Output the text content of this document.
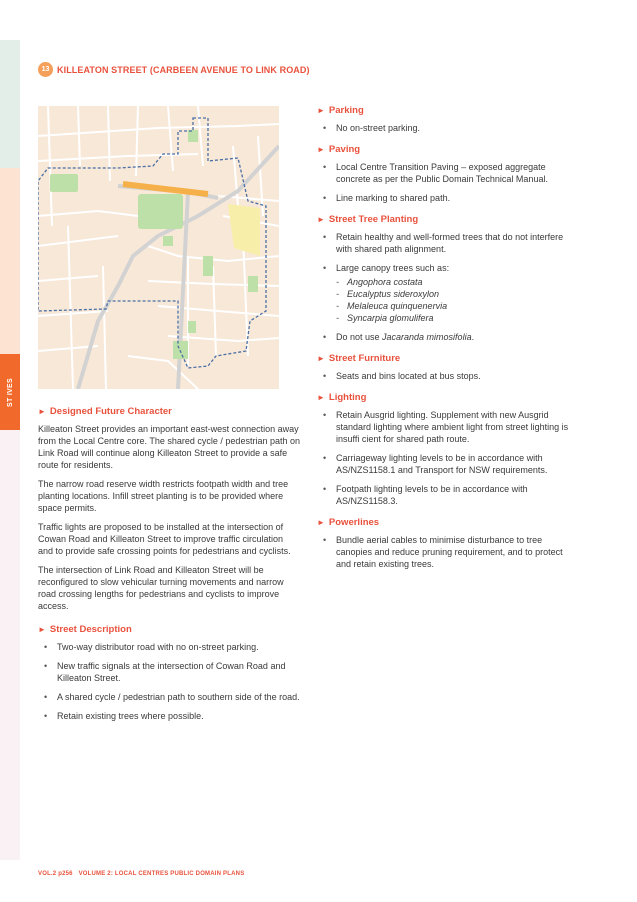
ST IVES
13 KILLEATON STREET (CARBEEN AVENUE TO LINK ROAD)
► Designed Future Character

Killeaton Street provides an important east-west connection away from the Local Centre core. The shared cycle / pedestrian path on Link Road will continue along Killeaton Street to provide a safe route for residents.

The narrow road reserve width restricts footpath width and tree planting locations. Infill street planting is to be provided where space permits.

Traffic lights are proposed to be installed at the intersection of Cowan Road and Killeaton Street to improve traffic circulation and to provide safe crossing points for pedestrians and cyclists.

The intersection of Link Road and Killeaton Street will be reconfigured to slow vehicular turning movements and narrow road crossing lengths for pedestrians and cyclists to improve access.

► Street Description
• Two-way distributor road with no on-street parking.
• New traffic signals at the intersection of Cowan Road and Killeaton Street.
• A shared cycle / pedestrian path to southern side of the road.
• Retain existing trees where possible.
► Parking
• No on-street parking.
► Paving
• Local Centre Transition Paving – exposed aggregate concrete as per the Public Domain Technical Manual.
• Line marking to shared path.
► Street Tree Planting
• Retain healthy and well-formed trees that do not interfere with shared path alignment.
• Large canopy trees such as:
- Angophora costata
- Eucalyptus sideroxylon
- Melaleuca quinquenervia
- Syncarpia glomulifera
• Do not use Jacaranda mimosifolia.
► Street Furniture
• Seats and bins located at bus stops.
► Lighting
• Retain Ausgrid lighting. Supplement with new Ausgrid standard lighting where ambient light from street lighting is insuffi cient for shared path route.
• Carriageway lighting levels to be in accordance with AS/NZS1158.1 and Transport for NSW requirements.
• Footpath lighting levels to be in accordance with AS/NZS1158.3.
► Powerlines
• Bundle aerial cables to minimise disturbance to tree canopies and reduce pruning requirement, and to protect and retain existing trees.
VOL.2 p256 VOLUME 2: LOCAL CENTRES PUBLIC DOMAIN PLANS
